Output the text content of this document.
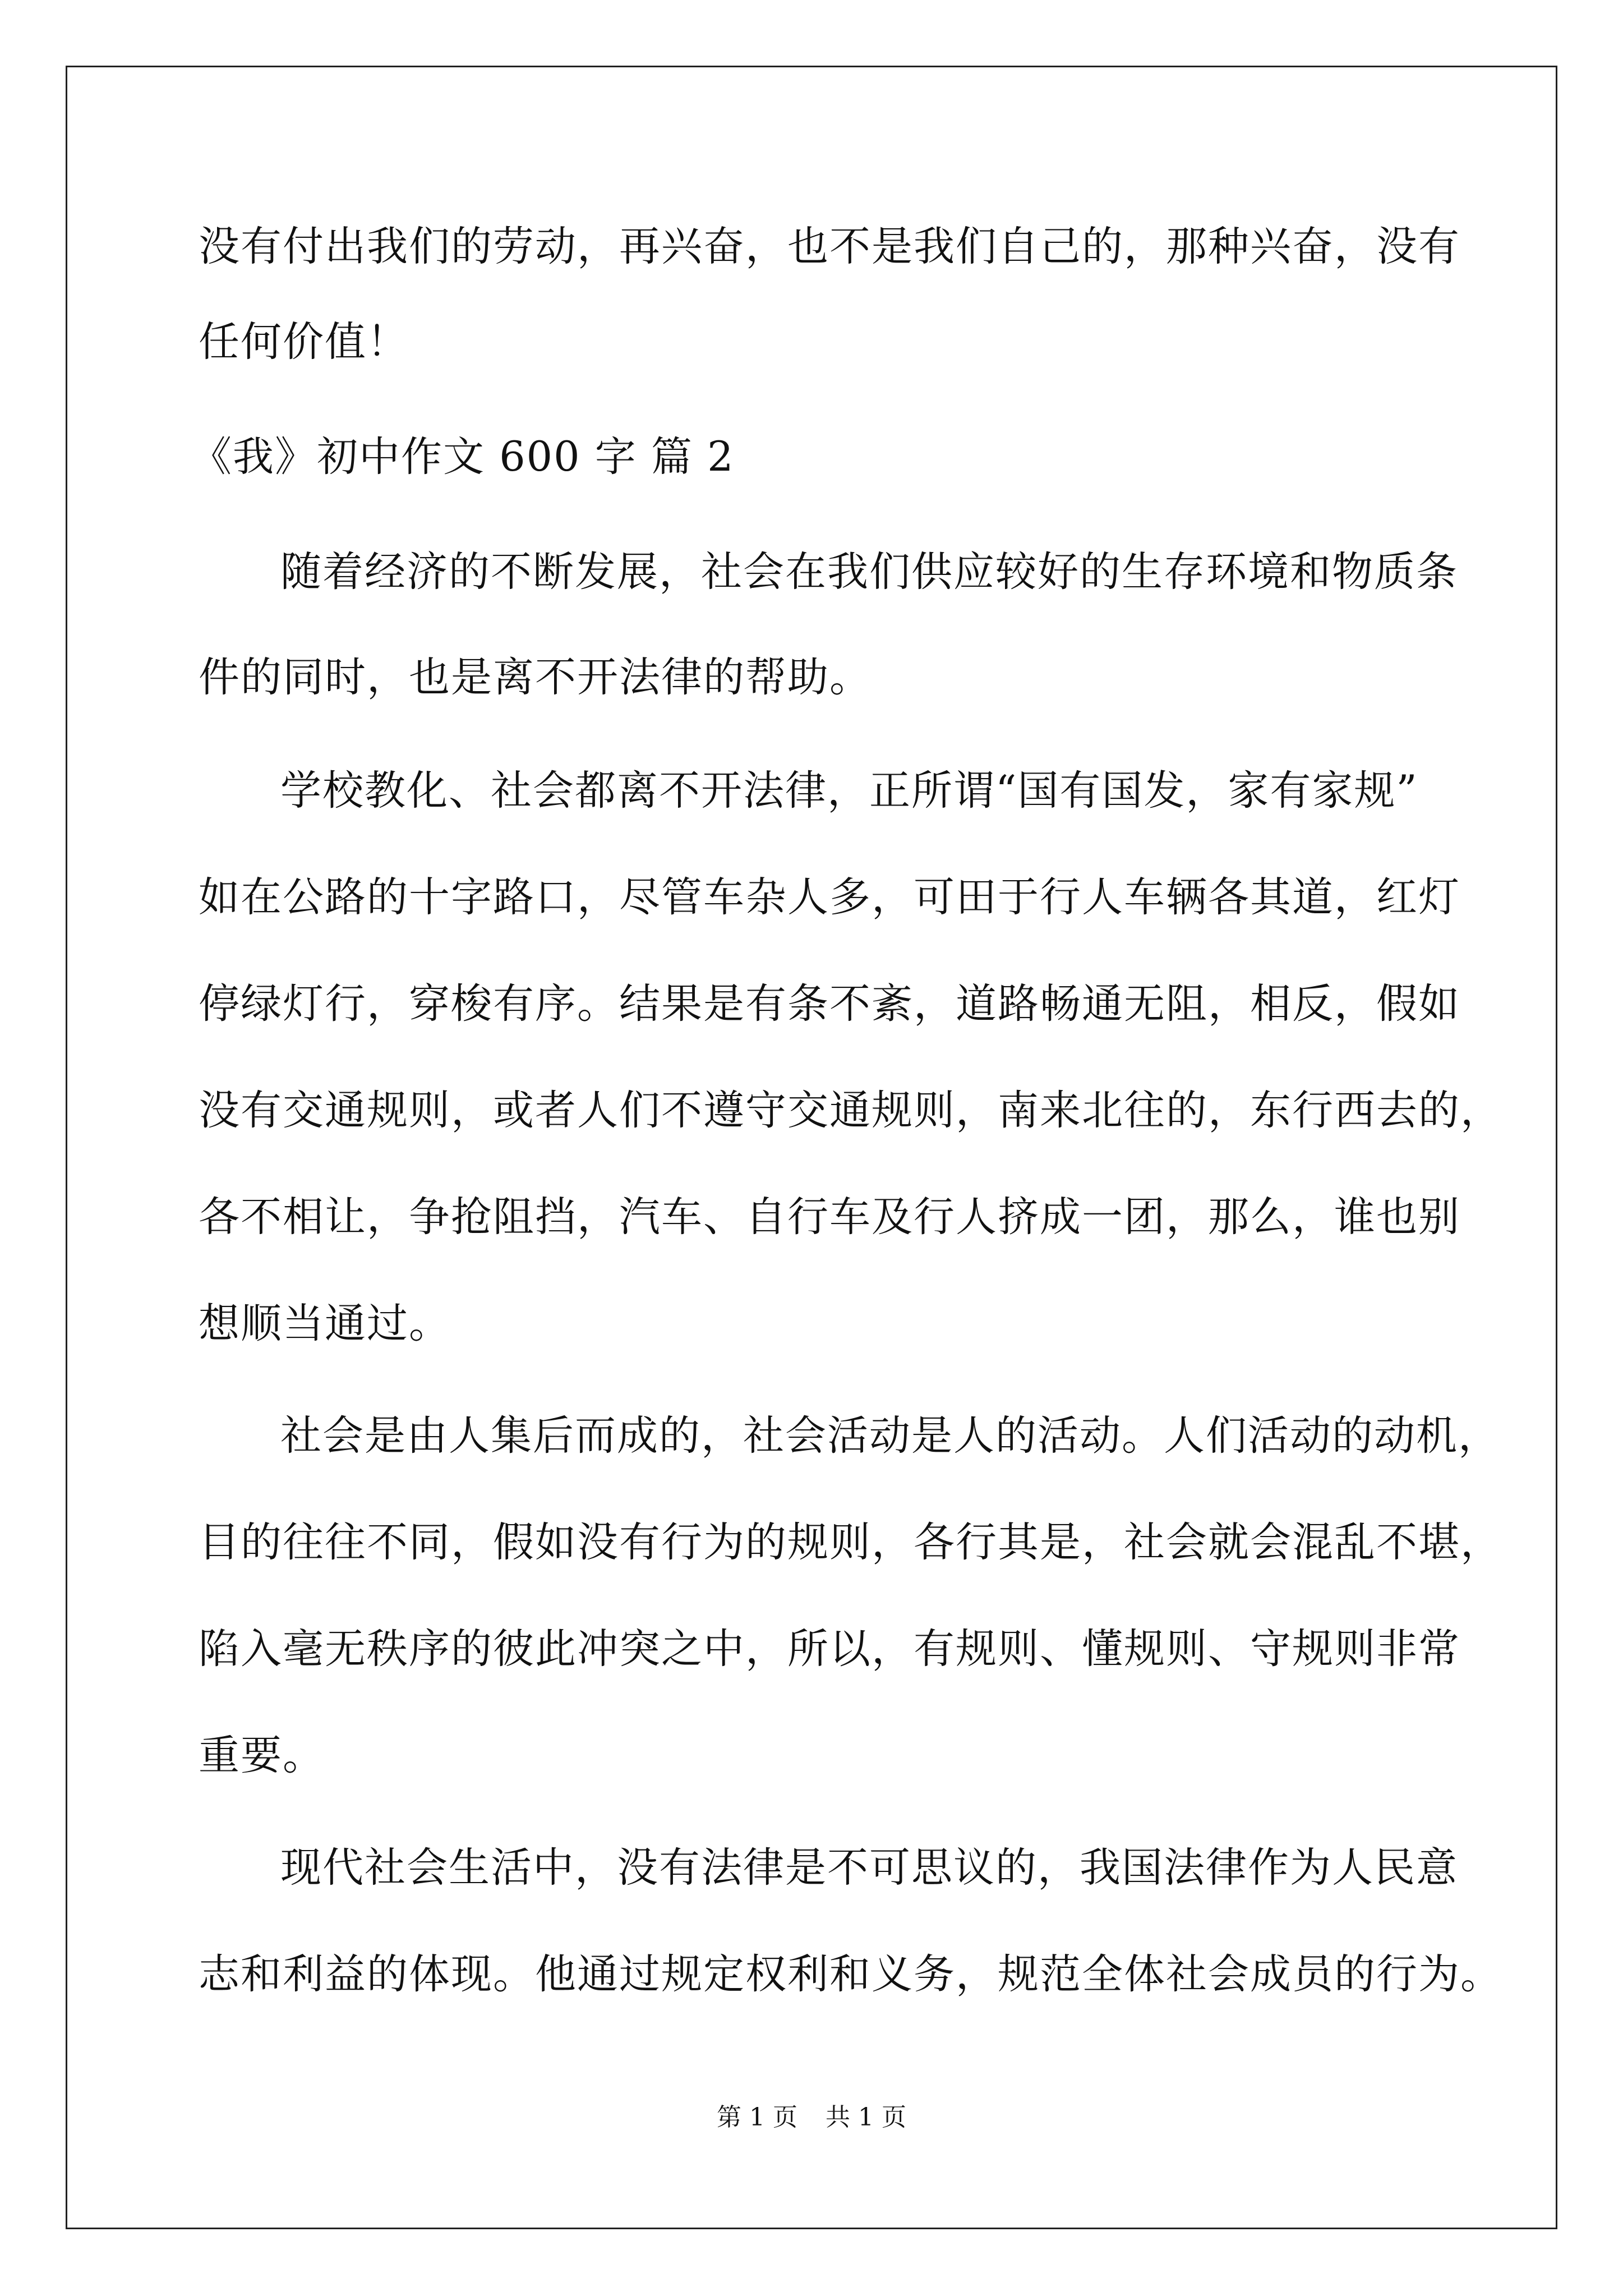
没有付出我们的劳动，再兴奋，也不是我们自己的，那种兴奋，没有
任何价值！
《我》初中作文 600 字 篇 2
随着经济的不断发展，社会在我们供应较好的生存环境和物质条
件的同时，也是离不开法律的帮助。
学校教化、社会都离不开法律，正所谓“国有国发，家有家规”
如在公路的十字路口，尽管车杂人多，可田于行人车辆各其道，红灯
停绿灯行，穿梭有序。结果是有条不紊，道路畅通无阻，相反，假如
没有交通规则，或者人们不遵守交通规则，南来北往的，东行西去的，
各不相让，争抢阻挡，汽车、自行车及行人挤成一团，那么，谁也别
想顺当通过。
社会是由人集后而成的，社会活动是人的活动。人们活动的动机，
目的往往不同，假如没有行为的规则，各行其是，社会就会混乱不堪，
陷入毫无秩序的彼此冲突之中，所以，有规则、懂规则、守规则非常
重要。
现代社会生活中，没有法律是不可思议的，我国法律作为人民意
志和利益的体现。他通过规定权利和义务，规范全体社会成员的行为。
第 1 页 共 1 页
